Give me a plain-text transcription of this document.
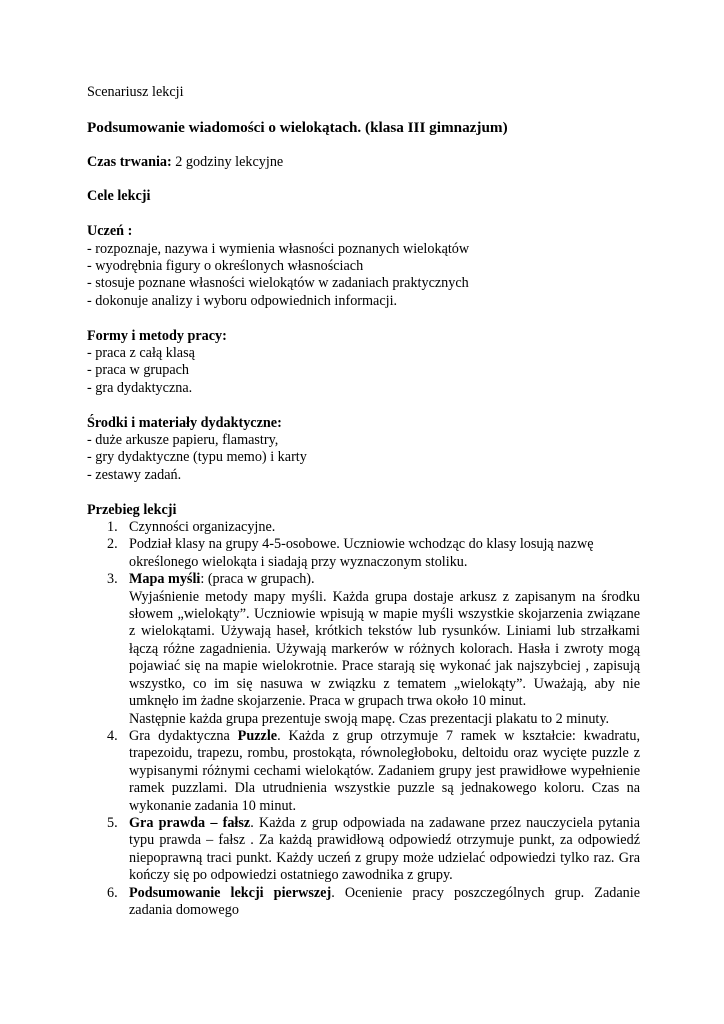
Scenariusz lekcji

Podsumowanie wiadomości o wielokątach. (klasa III gimnazjum)

Czas trwania: 2 godziny lekcyjne

Cele lekcji

Uczeń :

- rozpoznaje, nazywa i wymienia własności poznanych wielokątów
- wyodrębnia figury o określonych własnościach
- stosuje poznane własności wielokątów w zadaniach praktycznych
- dokonuje analizy i wyboru odpowiednich informacji.

Formy i metody pracy:

- praca z całą klasą
- praca w grupach
- gra dydaktyczna.

Środki i materiały dydaktyczne:

- duże arkusze papieru, flamastry,
- gry dydaktyczne (typu memo) i karty
- zestawy zadań.

Przebieg lekcji

1. Czynności organizacyjne.
2. Podział klasy na grupy 4-5-osobowe. Uczniowie wchodząc do klasy losują nazwę określonego wielokąta i siadają przy wyznaczonym stoliku.
3. Mapa myśli: (praca w grupach).
Wyjaśnienie metody mapy myśli. Każda grupa dostaje arkusz z zapisanym na środku słowem „wielokąty”. Uczniowie wpisują w mapie myśli wszystkie skojarzenia związane z wielokątami. Używają haseł, krótkich tekstów lub rysunków. Liniami lub strzałkami łączą różne zagadnienia. Używają markerów w różnych kolorach. Hasła i zwroty mogą pojawiać się na mapie wielokrotnie. Prace starają się wykonać jak najszybciej , zapisują wszystko, co im się nasuwa w związku z tematem „wielokąty”. Uważają, aby nie umknęło im żadne skojarzenie. Praca w grupach trwa około 10 minut.
Następnie każda grupa prezentuje swoją mapę. Czas prezentacji plakatu to 2 minuty.
4. Gra dydaktyczna Puzzle. Każda z grup otrzymuje 7 ramek w kształcie: kwadratu, trapezoidu, trapezu, rombu, prostokąta, równoległoboku, deltoidu oraz wycięte puzzle z wypisanymi różnymi cechami wielokątów. Zadaniem grupy jest prawidłowe wypełnienie ramek puzzlami. Dla utrudnienia wszystkie puzzle są jednakowego koloru. Czas na wykonanie zadania 10 minut.
5. Gra prawda – fałsz. Każda z grup odpowiada na zadawane przez nauczyciela pytania typu prawda – fałsz . Za każdą prawidłową odpowiedź otrzymuje punkt, za odpowiedź niepoprawną traci punkt. Każdy uczeń z grupy może udzielać odpowiedzi tylko raz. Gra kończy się po odpowiedzi ostatniego zawodnika z grupy.
6. Podsumowanie lekcji pierwszej. Ocenienie pracy poszczególnych grup. Zadanie zadania domowego
